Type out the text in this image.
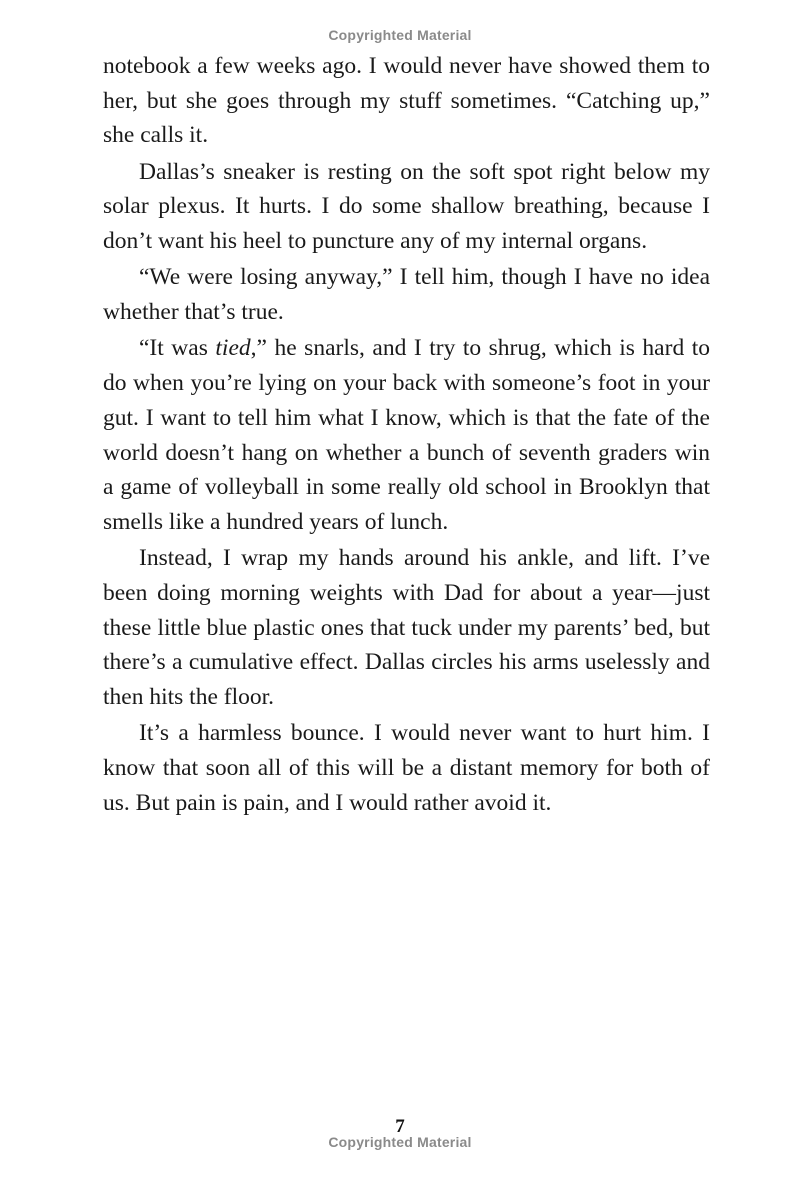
Copyrighted Material

notebook a few weeks ago. I would never have showed them to her, but she goes through my stuff sometimes. “Catching up,” she calls it.

Dallas’s sneaker is resting on the soft spot right below my solar plexus. It hurts. I do some shallow breathing, because I don’t want his heel to puncture any of my internal organs.

“We were losing anyway,” I tell him, though I have no idea whether that’s true.

“It was tied,” he snarls, and I try to shrug, which is hard to do when you’re lying on your back with someone’s foot in your gut. I want to tell him what I know, which is that the fate of the world doesn’t hang on whether a bunch of seventh graders win a game of volleyball in some really old school in Brooklyn that smells like a hundred years of lunch.

Instead, I wrap my hands around his ankle, and lift. I’ve been doing morning weights with Dad for about a year—just these little blue plastic ones that tuck under my parents’ bed, but there’s a cumulative effect. Dallas circles his arms uselessly and then hits the floor.

It’s a harmless bounce. I would never want to hurt him. I know that soon all of this will be a distant memory for both of us. But pain is pain, and I would rather avoid it.

7

Copyrighted Material
